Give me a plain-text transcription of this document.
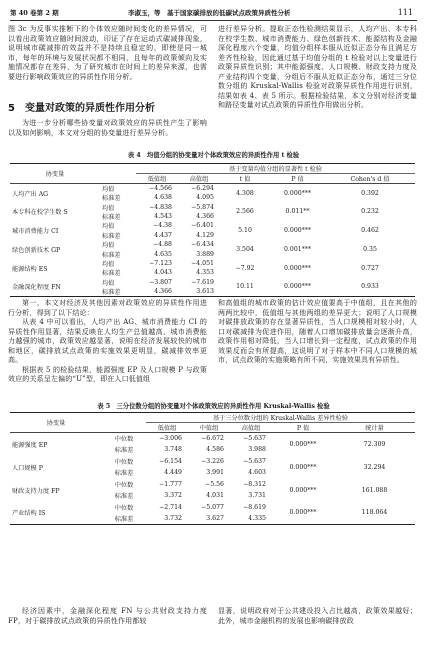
第 40 卷第 2 期	李淑玉，等　基于国家碳排放的低碳试点政策异质性分析	111

图 3c 为反事实推断下的个体效应随时间变化的差异情况，可以看出政策效应随时间波动，印证了存在运动式碳减排现象，说明城市碳减排的效益并不是持续且稳定的，即使是同一城市，每年的环境与发展状况都不相同，且每年的政策倾向及实施情况都存在差异，为了研究城市在时间上的差异来源，也需要进行影响政策效应的异质性作用分析。

5　变量对政策的异质性作用分析

为进一步分析哪些协变量对政策效应的异质性产生了影响以及如何影响，本文对分组的协变量进行差异分析。

进行差异分析。提取正态性检测结果显示，人均产出、本专科在校学生数、城市消费能力、绿色创新技术、能源结构及金融深化程度六个变量，均值分组样本服从近似正态分布且满足方差齐性检验，因此通过基于均值分组的 t 检验对以上变量进行政策异质性识别；其中能源强度、人口规模、财政支持力度及产业结构四个变量，分组后不服从近似正态分布，通过三分位数分组的 Kruskal-Wallis 检验对政策异质性作用进行识别，结果如表 4、表 5 所示。根据检验结果，本文分别对经济变量和路径变量对试点政策的异质性作用做出分析。

表 4　均值分组的协变量对个体政策效应的异质性作用 t 检验
协变量		基于变量均值分组的显著性 t 检验				
		低值组	高值组	t 值	P 值	Cohen's d 值
人均产出 AG	均值	−4.566	−6.294	4.308	0.000***	0.392
	标准差	4.638	4.095			
本专科在校学生数 S	均值	−4.838	−5.874	2.566	0.011**	0.232
	标准差	4.543	4.366			
城市消费能力 CI	均值	−4.38	−6.401	5.10	0.000***	0.462
	标准差	4.437	4.129			
绿色创新技术 GP	均值	−4.88	−6.434	3.504	0.001***	0.35
	标准差	4.635	3.889			
能源结构 ES	均值	−7.123	−4.051	−7.92	0.000***	0.727
	标准差	4.043	4.353			
金融深化程度 FN	均值	−3.807	−7.619	10.11	0.000***	0.933
	标准差	4.366	3.613			

第一，本文对经济及其他因素对政策效应的异质性作用进行分析，得到了以下结论：

从表 4 中可以看出，人均产出 AG、城市消费能力 CI 的异质性作用显著，结果反映在人均生产总值越高、城市消费能力越强的城市，政策效应越显著，说明在经济发展较快的城市和地区，碳排放试点政策的实施效果更明显，碳减排效率更高。

根据表 5 的检验结果，能源强度 EP 及人口规模 P 与政策效应的关系呈左偏的“U”型，即在人口低值组

和高值组的城市政策的估计效应值要高于中值组，且在其他的两两比较中，低值组与其他两组的差异更大；说明了人口规模对碳排放政策的存在显著异质性，当人口规模相对较小时，人口对碳减排为促进作用，随着人口增加碳排放量会逐渐升高，政策作用相对降低，当人口增长到一定程度，试点政策的作用效果反而会有所提高，这说明了对于样本中不同人口规模的城市，试点政策的实施策略有所不同，实施效果具有异质性。

表 5　三分位数分组的协变量对个体政策效应的异质性作用 Kruskal-Wallis 检验
协变量		基于三分位数分组的 Kruskal-Wallis 差异性检验				
		低值组	中值组	高值组	P 值	统计量
能源强度 EP	中位数	−3.006	−6.672	−5.637	0.000***	72.309
	标准差	3.748	4.586	3.988		
人口规模 P	中位数	−6.154	−3.226	−5.637	0.000***	32.294
	标准差	4.449	3.991	4.603		
财政支持力度 FP	中位数	−1.777	−5.56	−8.312	0.000***	161.088
	标准差	3.372	4.031	3.731		
产业结构 IS	中位数	−2.714	−5.077	−8.619	0.000***	118.064
	标准差	3.732	3.627	4.335		

经济因素中，金融深化程度 FN 与公共财政支持力度 FP，对于碳排放试点政策的异质性作用都较

显著，说明政府对于公共建设投入占比越高，政策效果越好；此外，城市金融机构的发展也影响碳排放政
